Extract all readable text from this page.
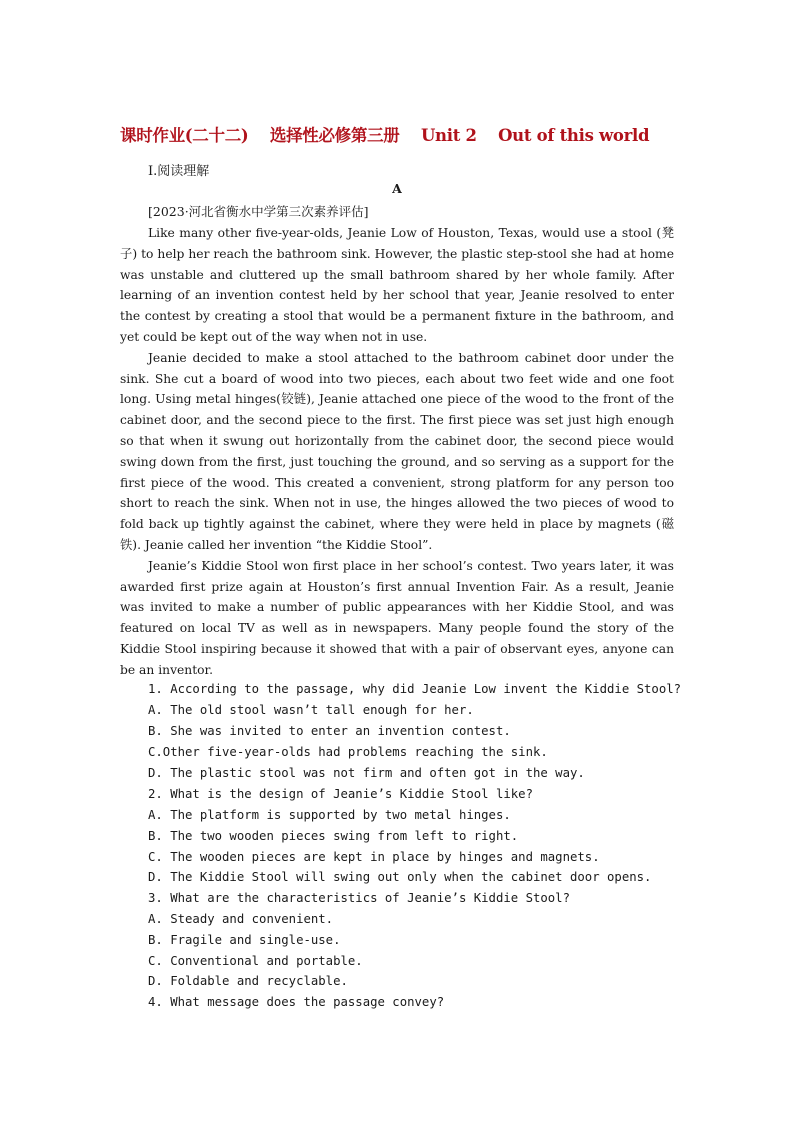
课时作业(二十二) 选择性必修第三册 Unit 2 Out of this world
Ⅰ.阅读理解
A
[2023·河北省衡水中学第三次素养评估]

Like many other five-year-olds, Jeanie Low of Houston, Texas, would use a stool (凳子) to help her reach the bathroom sink. However, the plastic step-stool she had at home was unstable and cluttered up the small bathroom shared by her whole family. After learning of an invention contest held by her school that year, Jeanie resolved to enter the contest by creating a stool that would be a permanent fixture in the bathroom, and yet could be kept out of the way when not in use.

Jeanie decided to make a stool attached to the bathroom cabinet door under the sink. She cut a board of wood into two pieces, each about two feet wide and one foot long. Using metal hinges(铰链), Jeanie attached one piece of the wood to the front of the cabinet door, and the second piece to the first. The first piece was set just high enough so that when it swung out horizontally from the cabinet door, the second piece would swing down from the first, just touching the ground, and so serving as a support for the first piece of the wood. This created a convenient, strong platform for any person too short to reach the sink. When not in use, the hinges allowed the two pieces of wood to fold back up tightly against the cabinet, where they were held in place by magnets (磁铁). Jeanie called her invention “the Kiddie Stool”.

Jeanie’s Kiddie Stool won first place in her school’s contest. Two years later, it was awarded first prize again at Houston’s first annual Invention Fair. As a result, Jeanie was invited to make a number of public appearances with her Kiddie Stool, and was featured on local TV as well as in newspapers. Many people found the story of the Kiddie Stool inspiring because it showed that with a pair of observant eyes, anyone can be an inventor.

1. According to the passage, why did Jeanie Low invent the Kiddie Stool?
A. The old stool wasn’t tall enough for her.
B. She was invited to enter an invention contest.
C.Other five-year-olds had problems reaching the sink.
D. The plastic stool was not firm and often got in the way.
2. What is the design of Jeanie’s Kiddie Stool like?
A. The platform is supported by two metal hinges.
B. The two wooden pieces swing from left to right.
C. The wooden pieces are kept in place by hinges and magnets.
D. The Kiddie Stool will swing out only when the cabinet door opens.
3. What are the characteristics of Jeanie’s Kiddie Stool?
A. Steady and convenient.
B. Fragile and single-use.
C. Conventional and portable.
D. Foldable and recyclable.
4. What message does the passage convey?
